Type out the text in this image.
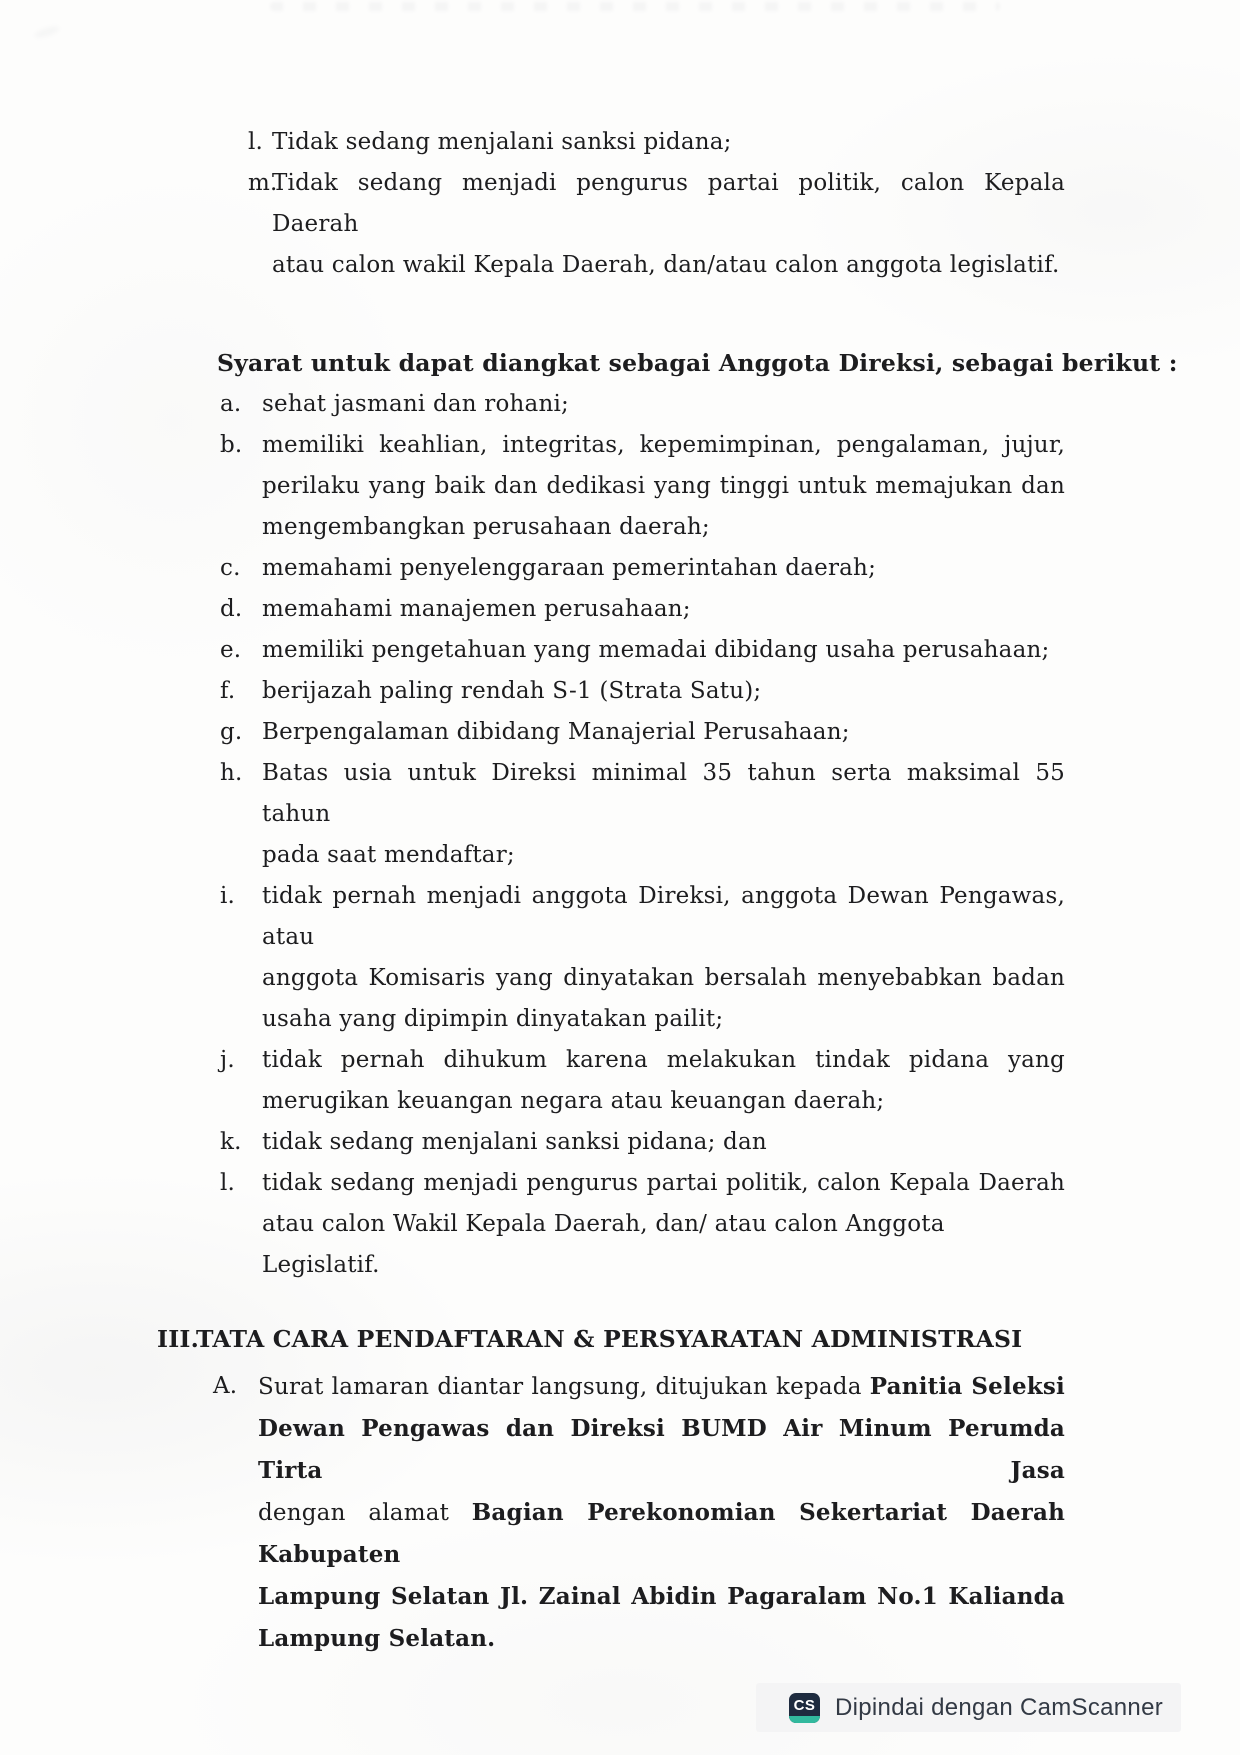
l. Tidak sedang menjalani sanksi pidana;
m.
Tidak sedang menjadi pengurus partai politik, calon Kepala Daerah
atau calon wakil Kepala Daerah, dan/atau calon anggota legislatif.

Syarat untuk dapat diangkat sebagai Anggota Direksi, sebagai berikut :

a. sehat jasmani dan rohani;
b. memiliki keahlian, integritas, kepemimpinan, pengalaman, jujur,
perilaku yang baik dan dedikasi yang tinggi untuk memajukan dan
mengembangkan perusahaan daerah;
c. memahami penyelenggaraan pemerintahan daerah;
d. memahami manajemen perusahaan;
e. memiliki pengetahuan yang memadai dibidang usaha perusahaan;
f. berijazah paling rendah S-1 (Strata Satu);
g. Berpengalaman dibidang Manajerial Perusahaan;
h. Batas usia untuk Direksi minimal 35 tahun serta maksimal 55 tahun
pada saat mendaftar;
i. tidak pernah menjadi anggota Direksi, anggota Dewan Pengawas, atau
anggota Komisaris yang dinyatakan bersalah menyebabkan badan
usaha yang dipimpin dinyatakan pailit;
j. tidak pernah dihukum karena melakukan tindak pidana yang
merugikan keuangan negara atau keuangan daerah;
k. tidak sedang menjalani sanksi pidana; dan
l. tidak sedang menjadi pengurus partai politik, calon Kepala Daerah
atau calon Wakil Kepala Daerah, dan/ atau calon Anggota Legislatif.
III.TATA CARA PENDAFTARAN & PERSYARATAN ADMINISTRASI
A. Surat lamaran diantar langsung, ditujukan kepada Panitia Seleksi
Dewan Pengawas dan Direksi BUMD Air Minum Perumda Tirta Jasa
dengan alamat Bagian Perekonomian Sekertariat Daerah Kabupaten
Lampung Selatan Jl. Zainal Abidin Pagaralam No.1 Kalianda
Lampung Selatan.
CS Dipindai dengan CamScanner
